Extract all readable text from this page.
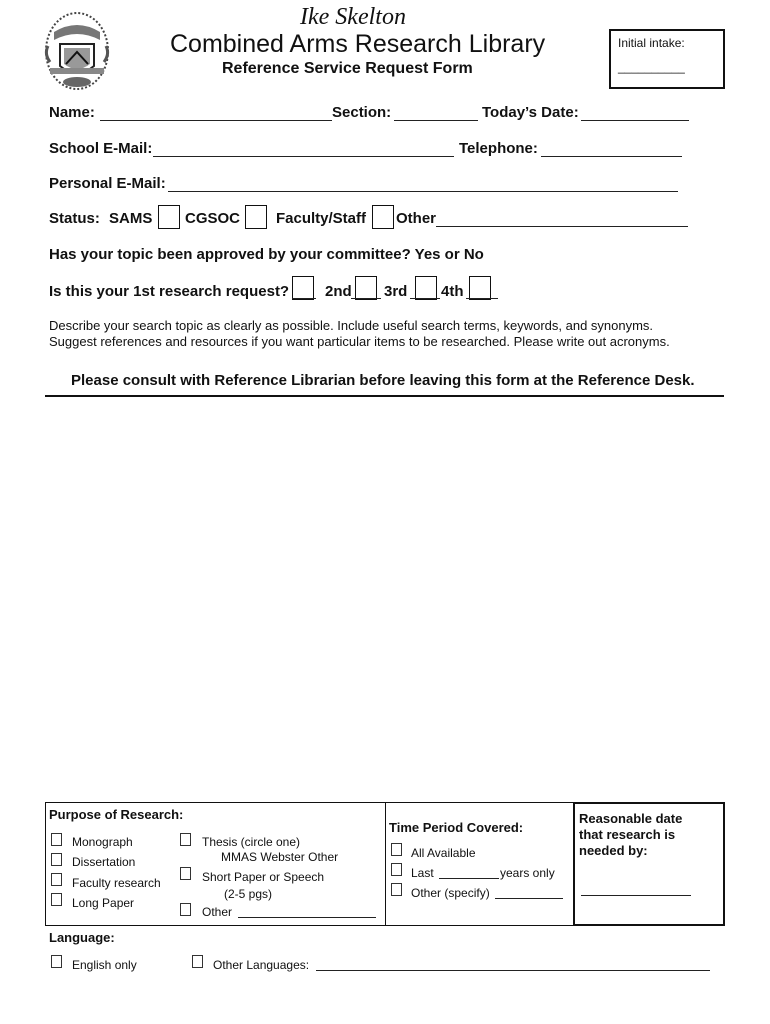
Ike Skelton
Combined Arms Research Library
Reference Service Request Form
Initial intake:
__________
Name:	Section:	Today’s Date:
School E-Mail:	Telephone:
Personal E-Mail:
Status: SAMS CGSOC Faculty/Staff Other
Has your topic been approved by your committee? Yes or No
Is this your 1st research request? 2nd 3rd 4th
Describe your search topic as clearly as possible. Include useful search terms, keywords, and synonyms.
Suggest references and resources if you want particular items to be researched. Please write out acronyms.
Please consult with Reference Librarian before leaving this form at the Reference Desk.
Purpose of Research:
Monograph
Dissertation
Faculty research
Long Paper
Thesis (circle one)
MMAS Webster Other
Short Paper or Speech
(2-5 pgs)
Other
Time Period Covered:
All Available
Last	years only
Other (specify)
Reasonable date
that research is
needed by:
Language:
English only	Other Languages:
